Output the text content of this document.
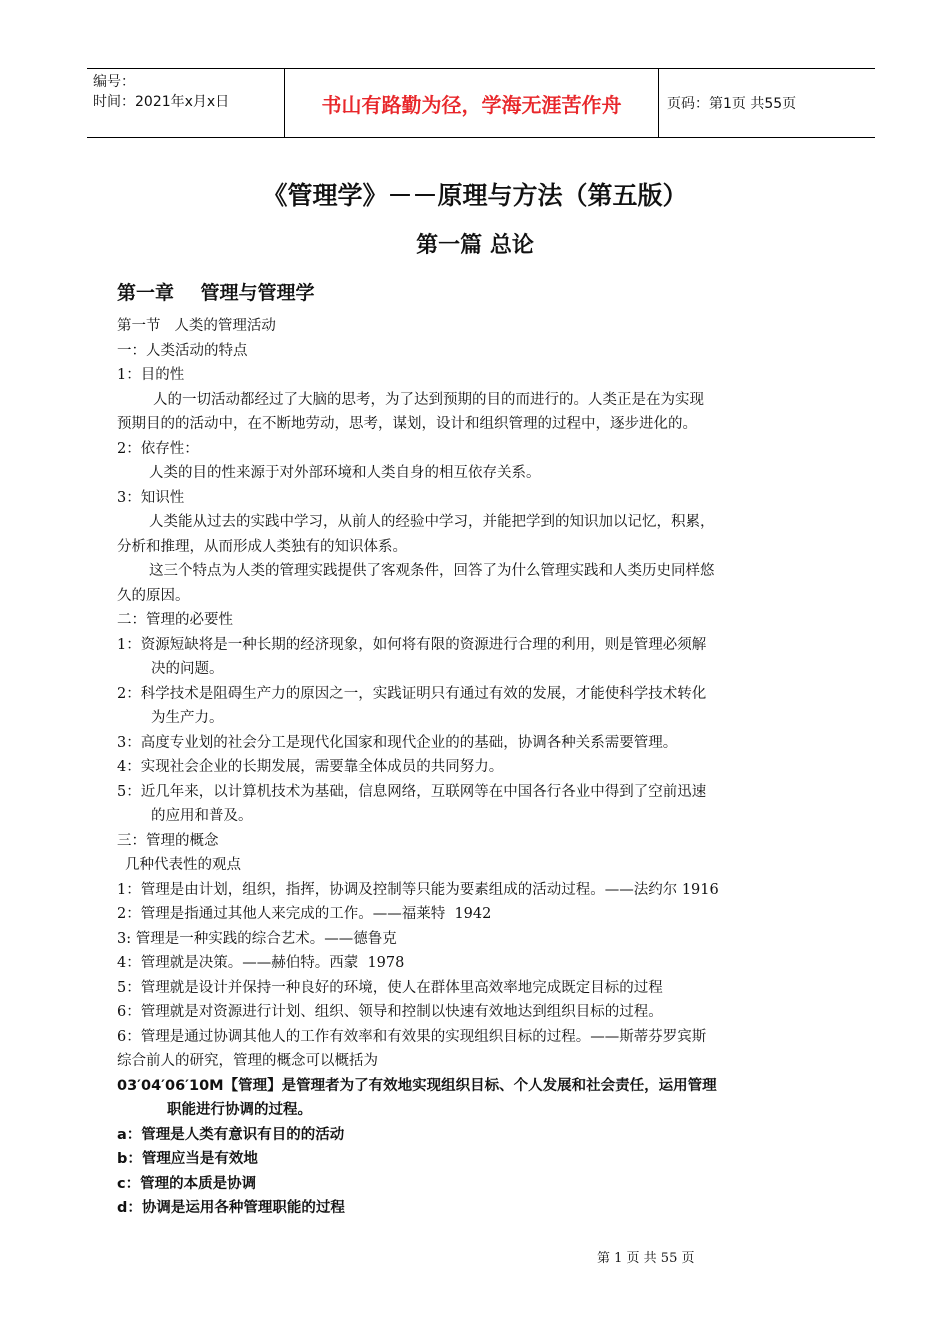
编号：
时间：2021年x月x日	书山有路勤为径，学海无涯苦作舟	页码：第1页 共55页
《管理学》－－原理与方法（第五版）
第一篇 总论
第一章    管理与管理学
第一节   人类的管理活动
一：人类活动的特点
1：目的性
人的一切活动都经过了大脑的思考，为了达到预期的目的而进行的。人类正是在为实现
预期目的的活动中，在不断地劳动，思考，谋划，设计和组织管理的过程中，逐步进化的。
2：依存性：
人类的目的性来源于对外部环境和人类自身的相互依存关系。
3：知识性
人类能从过去的实践中学习，从前人的经验中学习，并能把学到的知识加以记忆，积累，
分析和推理，从而形成人类独有的知识体系。
这三个特点为人类的管理实践提供了客观条件，回答了为什么管理实践和人类历史同样悠
久的原因。
二：管理的必要性
1：资源短缺将是一种长期的经济现象，如何将有限的资源进行合理的利用，则是管理必须解
决的问题。
2：科学技术是阻碍生产力的原因之一，实践证明只有通过有效的发展，才能使科学技术转化
为生产力。
3：高度专业划的社会分工是现代化国家和现代企业的的基础，协调各种关系需要管理。
4：实现社会企业的长期发展，需要靠全体成员的共同努力。
5：近几年来，以计算机技术为基础，信息网络，互联网等在中国各行各业中得到了空前迅速
的应用和普及。
三：管理的概念
几种代表性的观点
1：管理是由计划，组织，指挥，协调及控制等只能为要素组成的活动过程。——法约尔 1916
2：管理是指通过其他人来完成的工作。——福莱特  1942
3: 管理是一种实践的综合艺术。——德鲁克
4：管理就是决策。——赫伯特。西蒙  1978
5：管理就是设计并保持一种良好的环境，使人在群体里高效率地完成既定目标的过程
6：管理就是对资源进行计划、组织、领导和控制以快速有效地达到组织目标的过程。
6：管理是通过协调其他人的工作有效率和有效果的实现组织目标的过程。——斯蒂芬罗宾斯
综合前人的研究，管理的概念可以概括为
03′04′06′10M【管理】是管理者为了有效地实现组织目标、个人发展和社会责任，运用管理
职能进行协调的过程。
a：管理是人类有意识有目的的活动
b：管理应当是有效地
c：管理的本质是协调
d：协调是运用各种管理职能的过程
第 1 页 共 55 页
